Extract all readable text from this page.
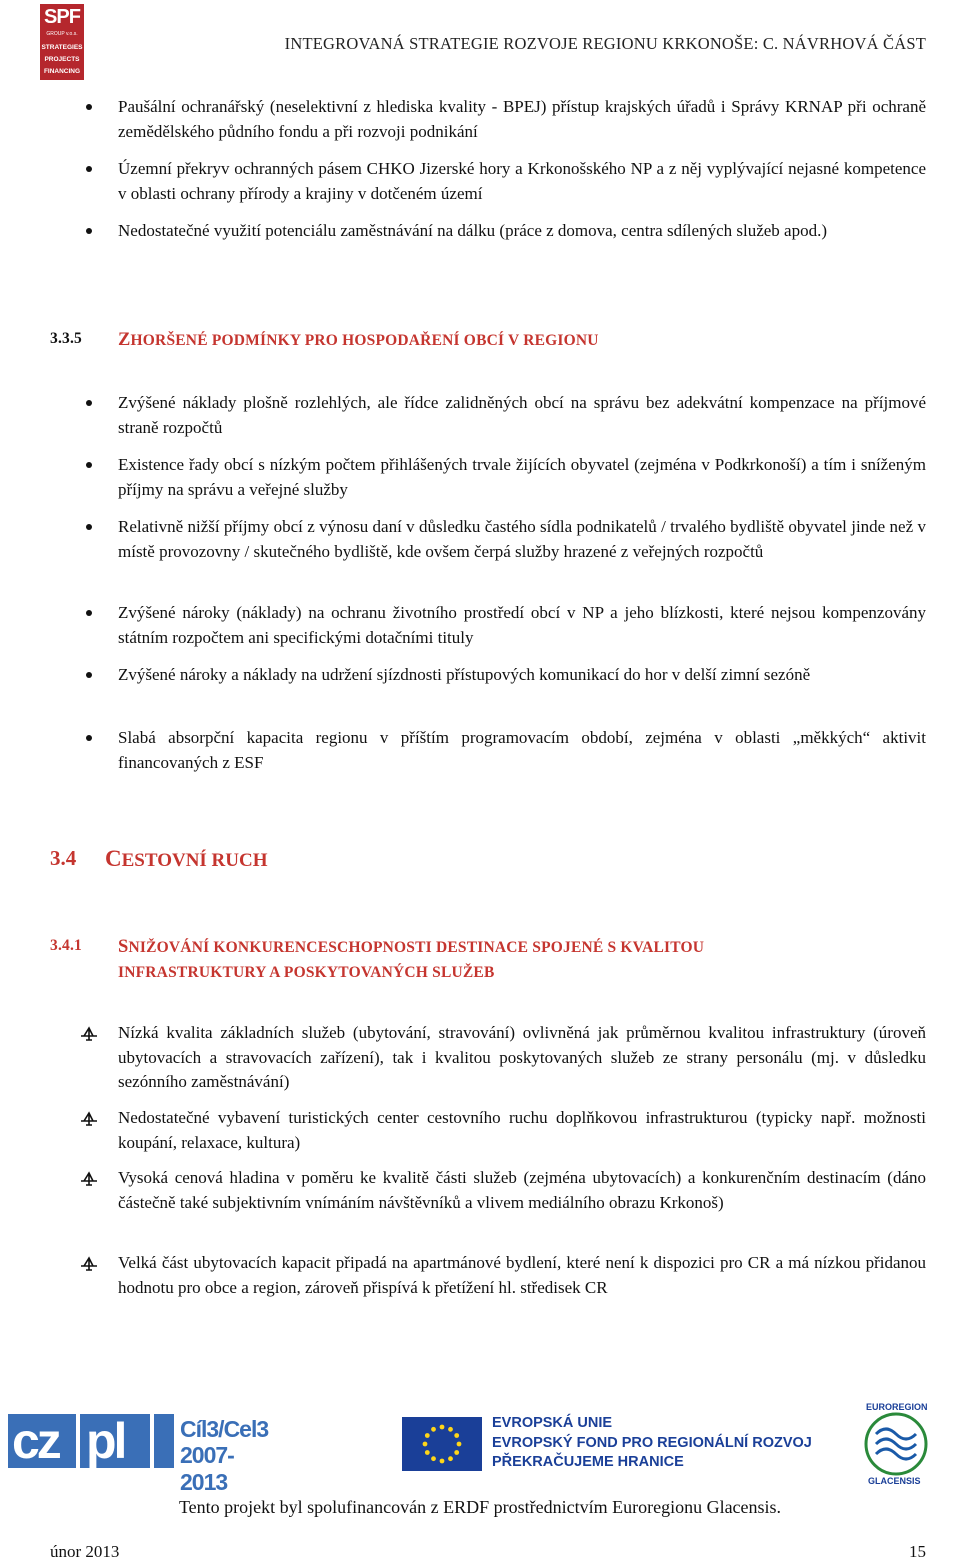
SPF
GROUP v.o.s.
STRATEGIES
PROJECTS
FINANCING
INTEGROVANÁ STRATEGIE ROZVOJE REGIONU KRKONOŠE: C. NÁVRHOVÁ ČÁST
Paušální ochranářský (neselektivní z hlediska kvality - BPEJ) přístup krajských úřadů i Správy KRNAP při ochraně zemědělského půdního fondu a při rozvoji podnikání
Územní překryv ochranných pásem CHKO Jizerské hory a Krkonošského NP a z něj vyplývající nejasné kompetence v oblasti ochrany přírody a krajiny v dotčeném území
Nedostatečné využití potenciálu zaměstnávání na dálku (práce z domova, centra sdílených služeb apod.)
3.3.5 ZHORŠENÉ PODMÍNKY PRO HOSPODAŘENÍ OBCÍ V REGIONU
Zvýšené náklady plošně rozlehlých, ale řídce zalidněných obcí na správu bez adekvátní kompenzace na příjmové straně rozpočtů
Existence řady obcí s nízkým počtem přihlášených trvale žijících obyvatel (zejména v Podkrkonoší) a tím i sníženým příjmy na správu a veřejné služby
Relativně nižší příjmy obcí z výnosu daní v důsledku častého sídla podnikatelů / trvalého bydliště obyvatel jinde než v místě provozovny / skutečného bydliště, kde ovšem čerpá služby hrazené z veřejných rozpočtů
Zvýšené nároky (náklady) na ochranu životního prostředí obcí v NP a jeho blízkosti, které nejsou kompenzovány státním rozpočtem ani specifickými dotačními tituly
Zvýšené nároky a náklady na udržení sjízdnosti přístupových komunikací do hor v delší zimní sezóně
Slabá absorpční kapacita regionu v příštím programovacím období, zejména v oblasti „měkkých“ aktivit financovaných z ESF
3.4 CESTOVNÍ RUCH
3.4.1 SNIŽOVÁNÍ KONKURENCESCHOPNOSTI DESTINACE SPOJENÉ S KVALITOU
INFRASTRUKTURY A POSKYTOVANÝCH SLUŽEB
Nízká kvalita základních služeb (ubytování, stravování) ovlivněná jak průměrnou kvalitou infrastruktury (úroveň ubytovacích a stravovacích zařízení), tak i kvalitou poskytovaných služeb ze strany personálu (mj. v důsledku sezónního zaměstnávání)
Nedostatečné vybavení turistických center cestovního ruchu doplňkovou infrastrukturou (typicky např. možnosti koupání, relaxace, kultura)
Vysoká cenová hladina v poměru ke kvalitě části služeb (zejména ubytovacích) a konkurenčním destinacím (dáno částečně také subjektivním vnímáním návštěvníků a vlivem mediálního obrazu Krkonoš)
Velká část ubytovacích kapacit připadá na apartmánové bydlení, které není k dispozici pro CR a má nízkou přidanou hodnotu pro obce a region, zároveň přispívá k přetížení hl. středisek CR
cz pl Cíl3/Cel3
2007-2013
EVROPSKÁ UNIE
EVROPSKÝ FOND PRO REGIONÁLNÍ ROZVOJ
PŘEKRAČUJEME HRANICE
EUROREGION
GLACENSIS
Tento projekt byl spolufinancován z ERDF prostřednictvím Euroregionu Glacensis.
únor 2013	15
